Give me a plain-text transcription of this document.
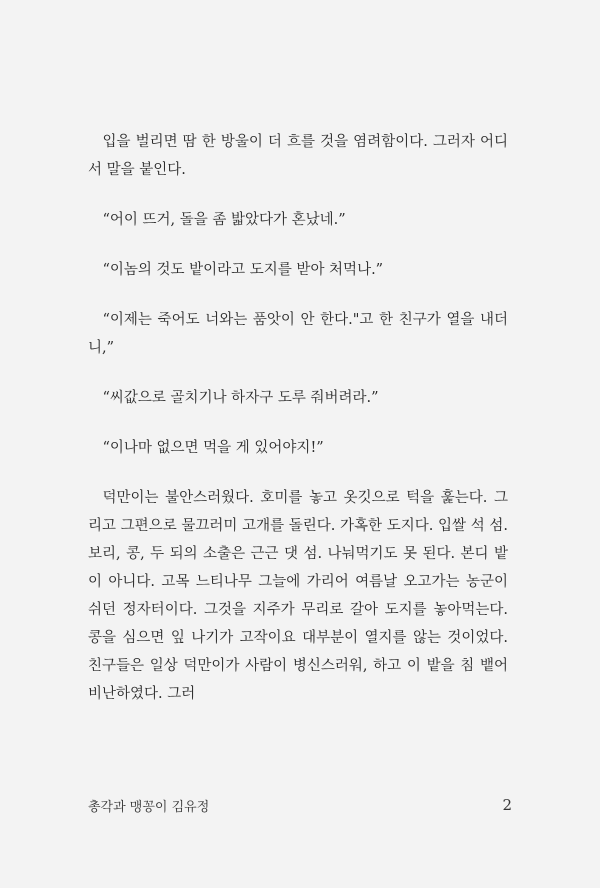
입을 벌리면 땀 한 방울이 더 흐를 것을 염려함이다. 그러자 어디서 말을 붙인다.

“어이 뜨거, 돌을 좀 밟았다가 혼났네.”

“이놈의 것도 밭이라고 도지를 받아 처먹나.”

“이제는 죽어도 너와는 품앗이 안 한다."고 한 친구가 열을 내더니,”

“씨값으로 골치기나 하자구 도루 줘버려라.”

“이나마 없으면 먹을 게 있어야지!”

덕만이는 불안스러웠다. 호미를 놓고 옷깃으로 턱을 훑는다. 그리고 그편으로 물끄러미 고개를 돌린다. 가혹한 도지다. 입쌀 석 섬. 보리, 콩, 두 되의 소출은 근근 댓 섬. 나눠먹기도 못 된다. 본디 밭이 아니다. 고목 느티나무 그늘에 가리어 여름날 오고가는 농군이 쉬던 정자터이다. 그것을 지주가 무리로 갈아 도지를 놓아먹는다. 콩을 심으면 잎 나기가 고작이요 대부분이 열지를 않는 것이었다. 친구들은 일상 덕만이가 사람이 병신스러워, 하고 이 밭을 침 뱉어 비난하였다. 그러

총각과 맹꽁이 김유정	2
